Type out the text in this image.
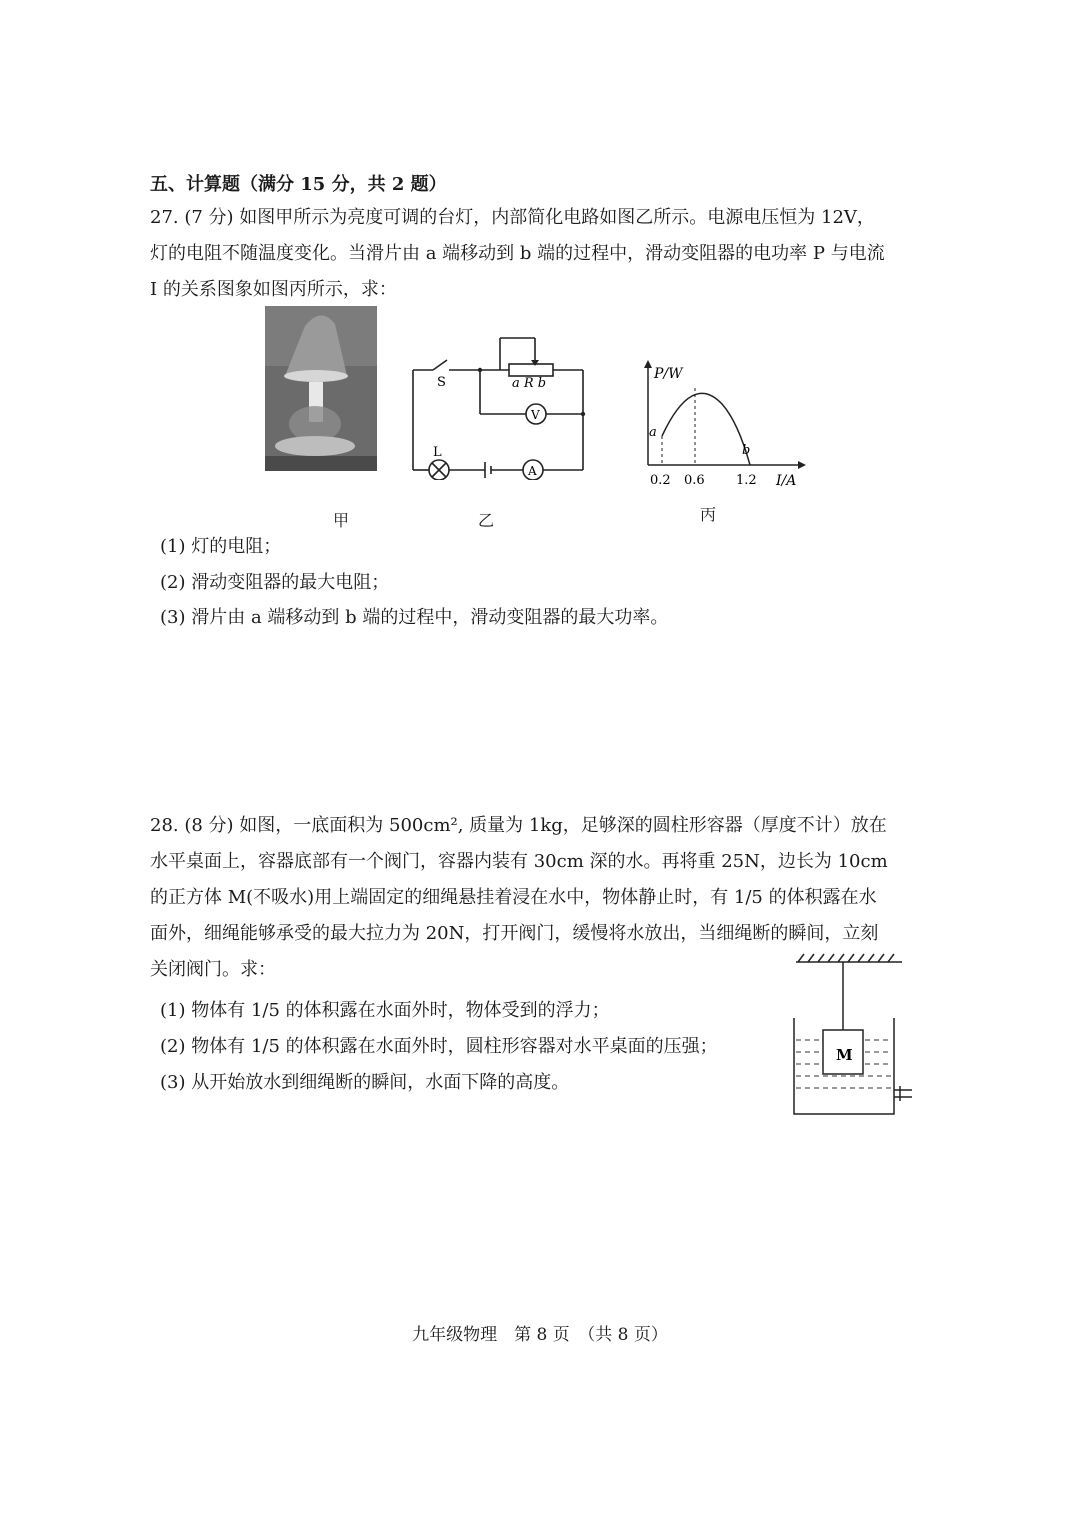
五、计算题（满分 15 分，共 2 题）
27. (7 分) 如图甲所示为亮度可调的台灯，内部简化电路如图乙所示。电源电压恒为 12V，
灯的电阻不随温度变化。当滑片由 a 端移动到 b 端的过程中，滑动变阻器的电功率 P 与电流
I 的关系图象如图丙所示，求：
S	a R b
V
L
A
P/W
I/A
0.2 0.6 1.2
a
b
甲	乙	丙
(1) 灯的电阻；
(2) 滑动变阻器的最大电阻；
(3) 滑片由 a 端移动到 b 端的过程中，滑动变阻器的最大功率。
28. (8 分) 如图，一底面积为 500cm², 质量为 1kg，足够深的圆柱形容器（厚度不计）放在
水平桌面上，容器底部有一个阀门，容器内装有 30cm 深的水。再将重 25N，边长为 10cm
的正方体 M(不吸水)用上端固定的细绳悬挂着浸在水中，物体静止时，有 1/5 的体积露在水
面外，细绳能够承受的最大拉力为 20N，打开阀门，缓慢将水放出，当细绳断的瞬间，立刻
关闭阀门。求：
(1) 物体有 1/5 的体积露在水面外时，物体受到的浮力；
(2) 物体有 1/5 的体积露在水面外时，圆柱形容器对水平桌面的压强；
(3) 从开始放水到细绳断的瞬间，水面下降的高度。
M
九年级物理　第 8 页　（共 8 页）
